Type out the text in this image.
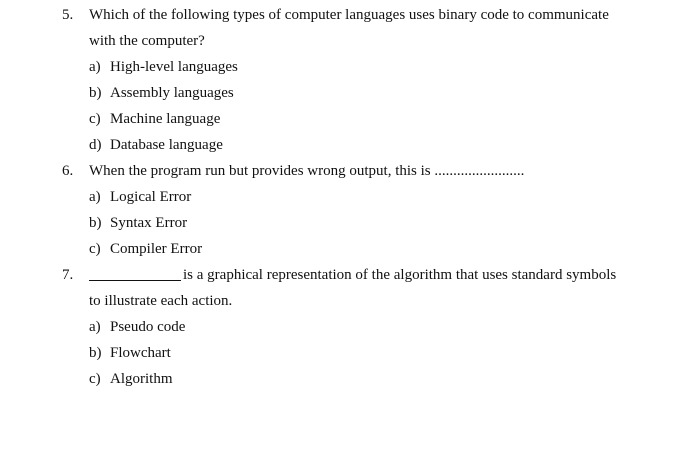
5. Which of the following types of computer languages uses binary code to communicate
with the computer?
a) High-level languages
b) Assembly languages
c) Machine language
d) Database language
6. When the program run but provides wrong output, this is ........................
a) Logical Error
b) Syntax Error
c) Compiler Error
7.	is a graphical representation of the algorithm that uses standard symbols
to illustrate each action.
a) Pseudo code
b) Flowchart
c) Algorithm
